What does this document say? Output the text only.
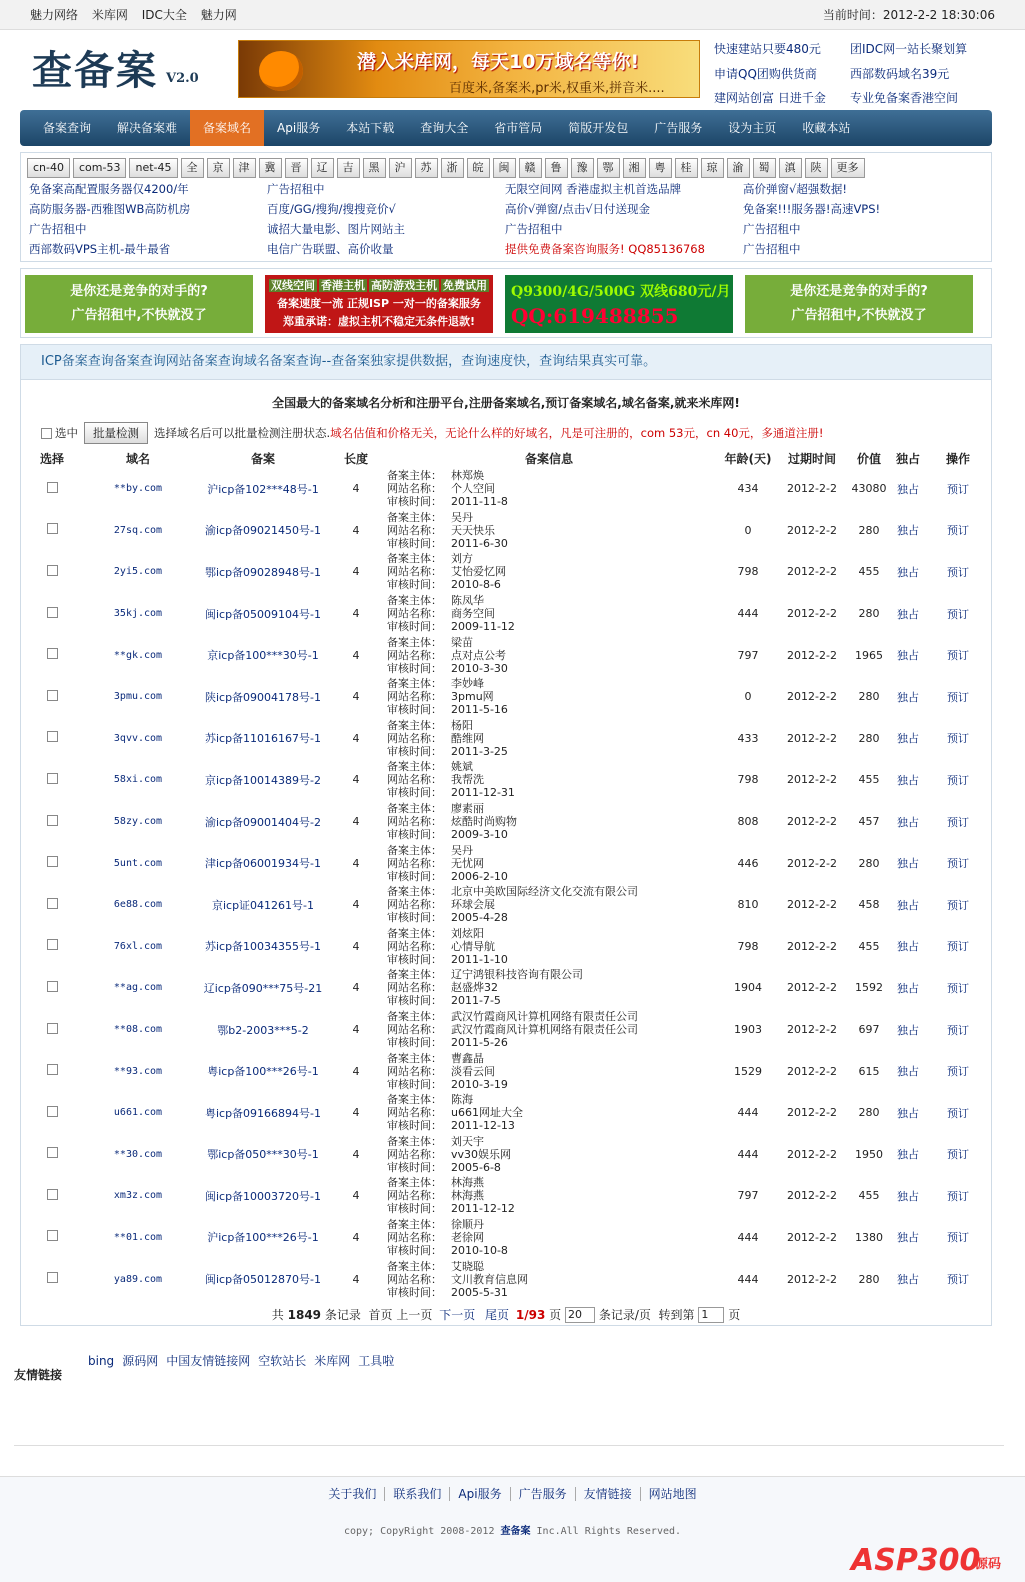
魅力网络 米库网 IDC大全 魅力网	当前时间：2012-2-2 18:30:06
查备案 V2.0
潜入米库网，每天10万域名等你!
百度米,备案米,pr米,权重米,拼音米....
快速建站只要480元	团IDC网一站长聚划算
申请QQ团购供货商	西部数码域名39元
建网站创富 日进千金	专业免备案香港空间
备案查询	解决备案难	备案域名	Api服务	本站下载	查询大全	省市管局	简版开发包	广告服务	设为主页	收藏本站
cn-40	com-53	net-45	全	京	津	冀	晋	辽	吉	黑	沪	苏	浙	皖	闽	赣	鲁	豫	鄂	湘	粤	桂	琼	渝	蜀	滇	陕	更多
免备案高配置服务器仅4200/年	广告招租中	无限空间网 香港虚拟主机首选品牌	高价弹窗√超强数据!
高防服务器-西雅图WB高防机房	百度/GG/搜狗/搜搜竞价√	高价√弹窗/点击√日付送现金	免备案!!!服务器!高速VPS!
广告招租中	诚招大量电影、图片网站主	广告招租中	广告招租中
西部数码VPS主机-最牛最省	电信广告联盟、高价收量	提供免费备案咨询服务! QQ85136768	广告招租中
是你还是竞争的对手的?
广告招租中,不快就没了
双线空间 香港主机 高防游戏主机 免费试用
备案速度一流 正规ISP 一对一的备案服务
郑重承诺：虚拟主机不稳定无条件退款!
Q9300/4G/500G 双线680元/月
QQ:619488855
是你还是竞争的对手的?
广告招租中,不快就没了
ICP备案查询备案查询网站备案查询域名备案查询--查备案独家提供数据，查询速度快，查询结果真实可靠。
全国最大的备案域名分析和注册平台,注册备案域名,预订备案域名,域名备案,就来米库网!
选中	批量检测	选择域名后可以批量检测注册状态. 域名估值和价格无关，无论什么样的好域名，凡是可注册的，com 53元，cn 40元，多通道注册!
选择	域名	备案	长度	备案信息	年龄(天)	过期时间	价值	独占	操作
	**by.com	沪icp备102***48号-1	4	备案主体： 林郑焕
网站名称： 个人空间
审核时间： 2011-11-8	434	2012-2-2	43080	独占	预订
	27sq.com	渝icp备09021450号-1	4	备案主体： 吴丹
网站名称： 天天快乐
审核时间： 2011-6-30	0	2012-2-2	280	独占	预订
	2yi5.com	鄂icp备09028948号-1	4	备案主体： 刘方
网站名称： 艾怡爱忆网
审核时间： 2010-8-6	798	2012-2-2	455	独占	预订
	35kj.com	闽icp备05009104号-1	4	备案主体： 陈凤华
网站名称： 商务空间
审核时间： 2009-11-12	444	2012-2-2	280	独占	预订
	**gk.com	京icp备100***30号-1	4	备案主体： 梁苗
网站名称： 点对点公考
审核时间： 2010-3-30	797	2012-2-2	1965	独占	预订
	3pmu.com	陕icp备09004178号-1	4	备案主体： 李妙峰
网站名称： 3pmu网
审核时间： 2011-5-16	0	2012-2-2	280	独占	预订
	3qvv.com	苏icp备11016167号-1	4	备案主体： 杨阳
网站名称： 酷维网
审核时间： 2011-3-25	433	2012-2-2	280	独占	预订
	58xi.com	京icp备10014389号-2	4	备案主体： 姚斌
网站名称： 我帮洗
审核时间： 2011-12-31	798	2012-2-2	455	独占	预订
	58zy.com	渝icp备09001404号-2	4	备案主体： 廖素丽
网站名称： 炫酷时尚购物
审核时间： 2009-3-10	808	2012-2-2	457	独占	预订
	5unt.com	津icp备06001934号-1	4	备案主体： 吴丹
网站名称： 无忧网
审核时间： 2006-2-10	446	2012-2-2	280	独占	预订
	6e88.com	京icp证041261号-1	4	备案主体： 北京中美欧国际经济文化交流有限公司
网站名称： 环球会展
审核时间： 2005-4-28	810	2012-2-2	458	独占	预订
	76xl.com	苏icp备10034355号-1	4	备案主体： 刘炫阳
网站名称： 心情导航
审核时间： 2011-1-10	798	2012-2-2	455	独占	预订
	**ag.com	辽icp备090***75号-21	4	备案主体： 辽宁鸿银科技咨询有限公司
网站名称： 赵盛烨32
审核时间： 2011-7-5	1904	2012-2-2	1592	独占	预订
	**08.com	鄂b2-2003***5-2	4	备案主体： 武汉竹霞商风计算机网络有限责任公司
网站名称： 武汉竹霞商风计算机网络有限责任公司
审核时间： 2011-5-26	1903	2012-2-2	697	独占	预订
	**93.com	粤icp备100***26号-1	4	备案主体： 曹鑫晶
网站名称： 淡看云间
审核时间： 2010-3-19	1529	2012-2-2	615	独占	预订
	u661.com	粤icp备09166894号-1	4	备案主体： 陈海
网站名称： u661网址大全
审核时间： 2011-12-13	444	2012-2-2	280	独占	预订
	**30.com	鄂icp备050***30号-1	4	备案主体： 刘天宇
网站名称： vv30娱乐网
审核时间： 2005-6-8	444	2012-2-2	1950	独占	预订
	xm3z.com	闽icp备10003720号-1	4	备案主体： 林海燕
网站名称： 林海燕
审核时间： 2011-12-12	797	2012-2-2	455	独占	预订
	**01.com	沪icp备100***26号-1	4	备案主体： 徐顺丹
网站名称： 老徐网
审核时间： 2010-10-8	444	2012-2-2	1380	独占	预订
	ya89.com	闽icp备05012870号-1	4	备案主体： 艾晓聪
网站名称： 文川教育信息网
审核时间： 2005-5-31	444	2012-2-2	280	独占	预订
共 1849 条记录 首页 上一页 下一页 尾页 1/93 页 20 条记录/页 转到第 1 页
友情链接
bing 源码网 中国友情链接网 空软站长 米库网 工具啦
关于我们 联系我们 Api服务 广告服务 友情链接 网站地图
copy; CopyRight 2008-2012 查备案 Inc.All Rights Reserved.
ASP300
源码
